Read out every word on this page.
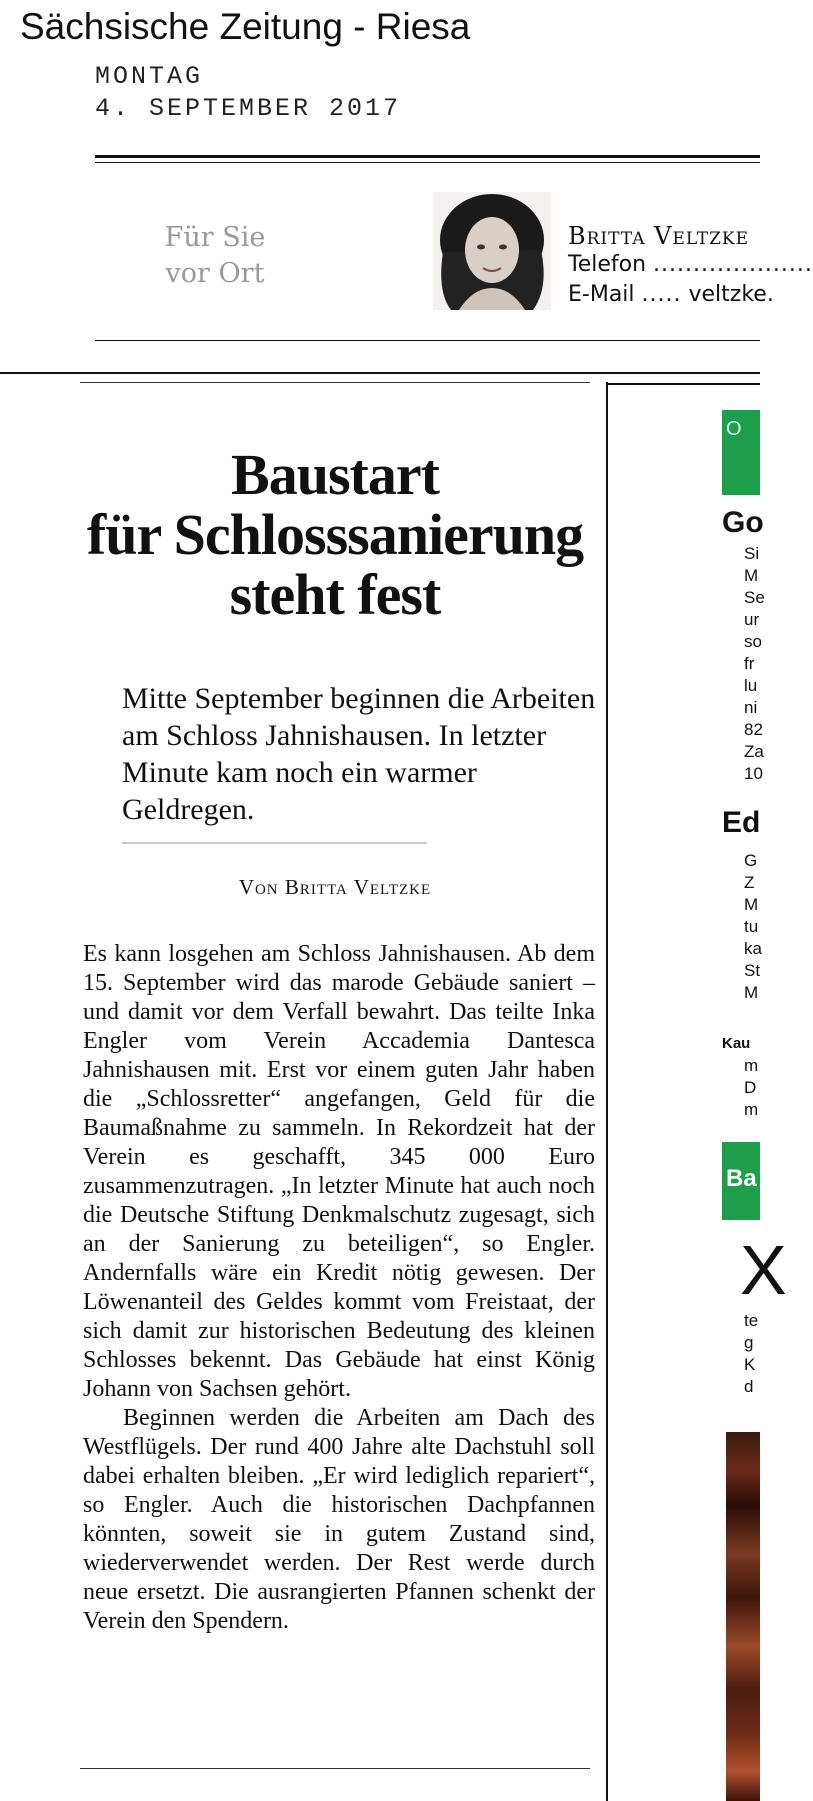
Sächsische Zeitung - Riesa
MONTAG
4. SEPTEMBER 2017
Für Sie
vor Ort
Britta Veltzke
Telefon ....................
E-Mail ..... veltzke.
Baustart
für Schlosssanierung
steht fest

Mitte September beginnen die Arbeiten am Schloss Jahnishausen. In letzter Minute kam noch ein warmer Geldregen.

Von Britta Veltzke

Es kann losgehen am Schloss Jahnishausen. Ab dem 15. September wird das marode Gebäude saniert – und damit vor dem Verfall bewahrt. Das teilte Inka Engler vom Verein Accademia Dantesca Jahnishausen mit. Erst vor einem guten Jahr haben die „Schlossretter“ angefangen, Geld für die Baumaßnahme zu sammeln. In Rekordzeit hat der Verein es geschafft, 345 000 Euro zusammenzutragen. „In letzter Minute hat auch noch die Deutsche Stiftung Denkmalschutz zugesagt, sich an der Sanierung zu beteiligen“, so Engler. Andernfalls wäre ein Kredit nötig gewesen. Der Löwenanteil des Geldes kommt vom Freistaat, der sich damit zur historischen Bedeutung des kleinen Schlosses bekennt. Das Gebäude hat einst König Johann von Sachsen gehört.

Beginnen werden die Arbeiten am Dach des Westflügels. Der rund 400 Jahre alte Dachstuhl soll dabei erhalten bleiben. „Er wird lediglich repariert“, so Engler. Auch die historischen Dachpfannen könnten, soweit sie in gutem Zustand sind, wiederverwendet werden. Der Rest werde durch neue ersetzt. Die ausrangierten Pfannen schenkt der Verein den Spendern.

O
Go
Si
M
Se
ur
so
fr
lu
ni
82
Za
10
Ed
G
Z
M
tu
ka
St
M
Kau
m
D
m
Ba
X
te
g
K
d
